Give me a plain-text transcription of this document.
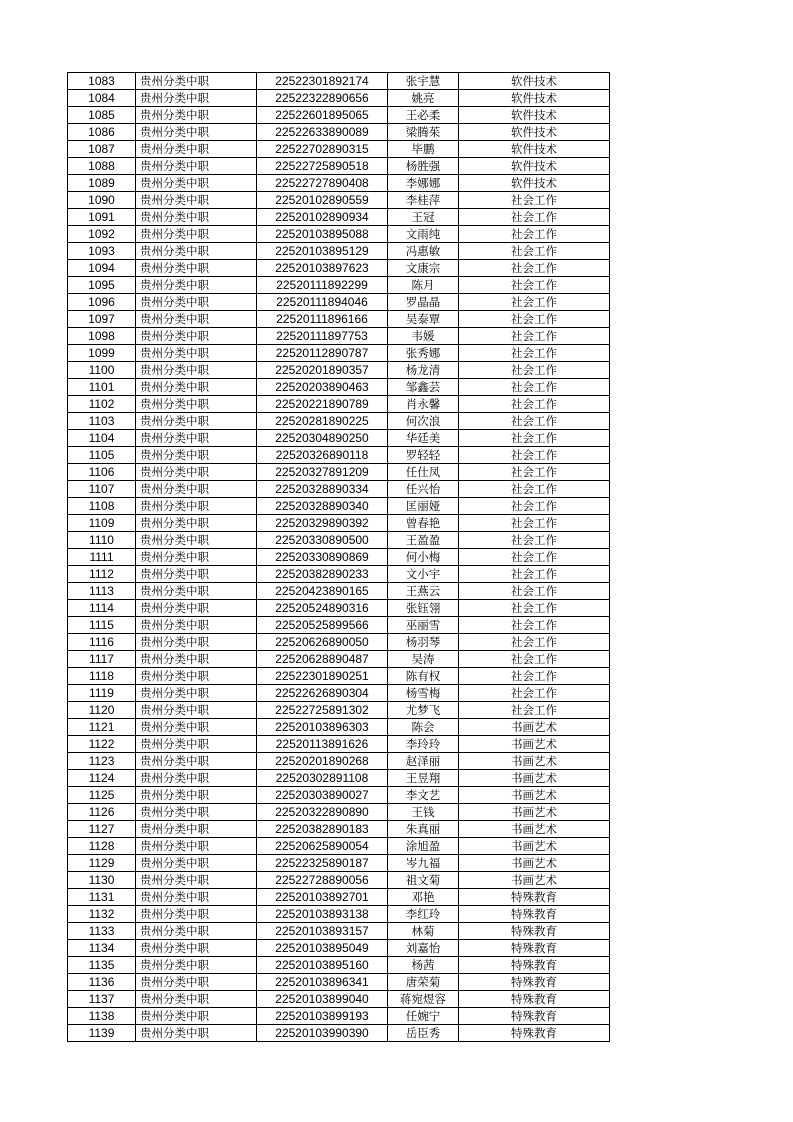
1083	贵州分类中职	22522301892174	张宇慧	软件技术
1084	贵州分类中职	22522322890656	姚亮	软件技术
1085	贵州分类中职	22522601895065	王必柔	软件技术
1086	贵州分类中职	22522633890089	梁腾茱	软件技术
1087	贵州分类中职	22522702890315	毕鹏	软件技术
1088	贵州分类中职	22522725890518	杨胜强	软件技术
1089	贵州分类中职	22522727890408	李娜娜	软件技术
1090	贵州分类中职	22520102890559	李桂萍	社会工作
1091	贵州分类中职	22520102890934	王冠	社会工作
1092	贵州分类中职	22520103895088	文雨纯	社会工作
1093	贵州分类中职	22520103895129	冯惠敏	社会工作
1094	贵州分类中职	22520103897623	文康宗	社会工作
1095	贵州分类中职	22520111892299	陈月	社会工作
1096	贵州分类中职	22520111894046	罗晶晶	社会工作
1097	贵州分类中职	22520111896166	吴泰覃	社会工作
1098	贵州分类中职	22520111897753	韦媛	社会工作
1099	贵州分类中职	22520112890787	张秀娜	社会工作
1100	贵州分类中职	22520201890357	杨龙清	社会工作
1101	贵州分类中职	22520203890463	邹鑫芸	社会工作
1102	贵州分类中职	22520221890789	肖永馨	社会工作
1103	贵州分类中职	22520281890225	何次浪	社会工作
1104	贵州分类中职	22520304890250	华廷美	社会工作
1105	贵州分类中职	22520326890118	罗轻轻	社会工作
1106	贵州分类中职	22520327891209	任仕凤	社会工作
1107	贵州分类中职	22520328890334	任兴怡	社会工作
1108	贵州分类中职	22520328890340	匡丽娅	社会工作
1109	贵州分类中职	22520329890392	曾春艳	社会工作
1110	贵州分类中职	22520330890500	王盈盈	社会工作
1111	贵州分类中职	22520330890869	何小梅	社会工作
1112	贵州分类中职	22520382890233	文小宇	社会工作
1113	贵州分类中职	22520423890165	王燕云	社会工作
1114	贵州分类中职	22520524890316	张钰翎	社会工作
1115	贵州分类中职	22520525899566	巫丽雪	社会工作
1116	贵州分类中职	22520626890050	杨羽琴	社会工作
1117	贵州分类中职	22520628890487	吴涛	社会工作
1118	贵州分类中职	22522301890251	陈有权	社会工作
1119	贵州分类中职	22522626890304	杨雪梅	社会工作
1120	贵州分类中职	22522725891302	尤梦飞	社会工作
1121	贵州分类中职	22520103896303	陈会	书画艺术
1122	贵州分类中职	22520113891626	李玲玲	书画艺术
1123	贵州分类中职	22520201890268	赵泽丽	书画艺术
1124	贵州分类中职	22520302891108	王昱翔	书画艺术
1125	贵州分类中职	22520303890027	李文艺	书画艺术
1126	贵州分类中职	22520322890890	王钱	书画艺术
1127	贵州分类中职	22520382890183	朱真丽	书画艺术
1128	贵州分类中职	22520625890054	涂旭盈	书画艺术
1129	贵州分类中职	22522325890187	岑九福	书画艺术
1130	贵州分类中职	22522728890056	祖文菊	书画艺术
1131	贵州分类中职	22520103892701	邓艳	特殊教育
1132	贵州分类中职	22520103893138	李红玲	特殊教育
1133	贵州分类中职	22520103893157	林菊	特殊教育
1134	贵州分类中职	22520103895049	刘嘉怡	特殊教育
1135	贵州分类中职	22520103895160	杨茜	特殊教育
1136	贵州分类中职	22520103896341	唐荣菊	特殊教育
1137	贵州分类中职	22520103899040	蒋宛煜容	特殊教育
1138	贵州分类中职	22520103899193	任婉宁	特殊教育
1139	贵州分类中职	22520103990390	岳臣秀	特殊教育
